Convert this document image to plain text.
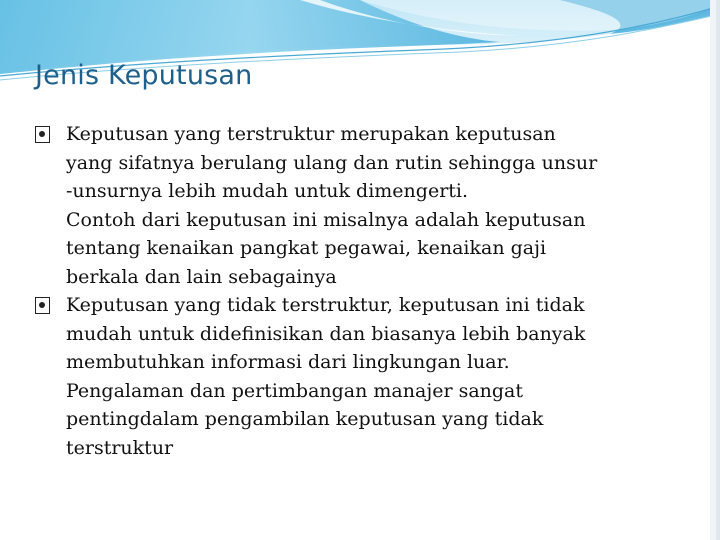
Jenis Keputusan
Keputusan yang terstruktur merupakan keputusan
yang sifatnya berulang ulang dan rutin sehingga unsur
-unsurnya lebih mudah untuk dimengerti.
Contoh dari keputusan ini misalnya adalah keputusan
tentang kenaikan pangkat pegawai, kenaikan gaji
berkala dan lain sebagainya
Keputusan yang tidak terstruktur, keputusan ini tidak
mudah untuk didefinisikan dan biasanya lebih banyak
membutuhkan informasi dari lingkungan luar.
Pengalaman dan pertimbangan manajer sangat
pentingdalam pengambilan keputusan yang tidak
terstruktur
